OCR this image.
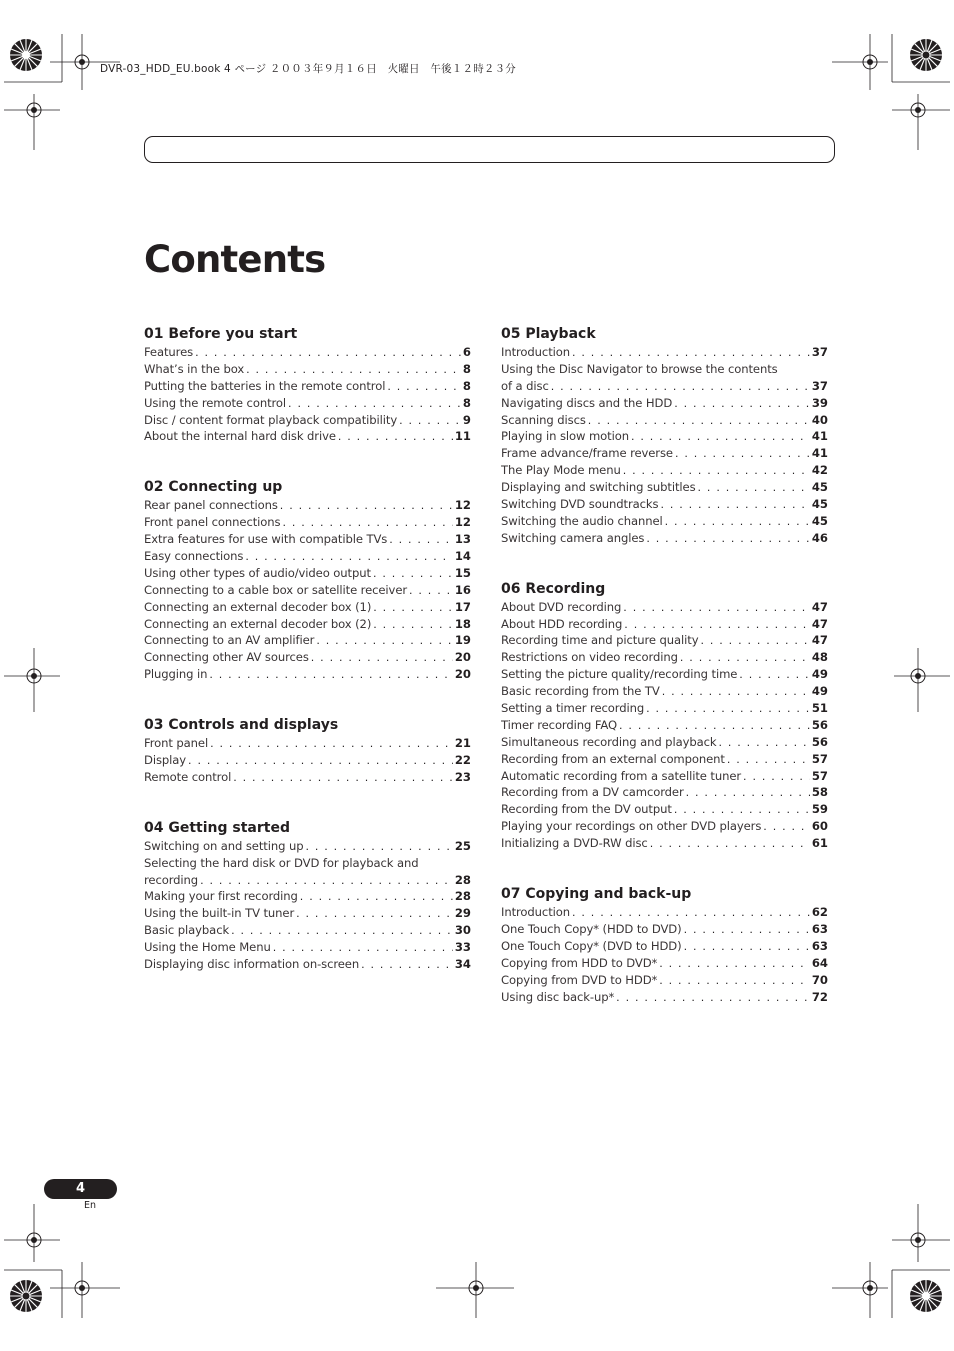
DVR-03_HDD_EU.book 4 ページ ２００３年９月１６日　火曜日　午後１２時２３分
Contents
01 Before you start
Features . . .	6
What’s in the box . . .	8
Putting the batteries in the remote control . . .	8
Using the remote control . . .	8
Disc / content format playback compatibility . . .	9
About the internal hard disk drive . . .	11
02 Connecting up
Rear panel connections . . .	12
Front panel connections . . .	12
Extra features for use with compatible TVs . . .	13
Easy connections . . .	14
Using other types of audio/video output . . .	15
Connecting to a cable box or satellite receiver . . .	16
Connecting an external decoder box (1) . . .	17
Connecting an external decoder box (2) . . .	18
Connecting to an AV amplifier . . .	19
Connecting other AV sources . . .	20
Plugging in . . .	20
03 Controls and displays
Front panel . . .	21
Display . . .	22
Remote control . . .	23
04 Getting started
Switching on and setting up . . .	25
Selecting the hard disk or DVD for playback and
recording . . .	28
Making your first recording . . .	28
Using the built-in TV tuner . . .	29
Basic playback . . .	30
Using the Home Menu . . .	33
Displaying disc information on-screen . . .	34
05 Playback
Introduction . . .	37
Using the Disc Navigator to browse the contents
of a disc . . .	37
Navigating discs and the HDD . . .	39
Scanning discs . . .	40
Playing in slow motion . . .	41
Frame advance/frame reverse . . .	41
The Play Mode menu . . .	42
Displaying and switching subtitles . . .	45
Switching DVD soundtracks . . .	45
Switching the audio channel . . .	45
Switching camera angles . . .	46
06 Recording
About DVD recording . . .	47
About HDD recording . . .	47
Recording time and picture quality . . .	47
Restrictions on video recording . . .	48
Setting the picture quality/recording time . . .	49
Basic recording from the TV . . .	49
Setting a timer recording . . .	51
Timer recording FAQ . . .	56
Simultaneous recording and playback . . .	56
Recording from an external component . . .	57
Automatic recording from a satellite tuner . . .	57
Recording from a DV camcorder . . .	58
Recording from the DV output . . .	59
Playing your recordings on other DVD players . . .	60
Initializing a DVD-RW disc . . .	61
07 Copying and back-up
Introduction . . .	62
One Touch Copy* (HDD to DVD) . . .	63
One Touch Copy* (DVD to HDD) . . .	63
Copying from HDD to DVD* . . .	64
Copying from DVD to HDD* . . .	70
Using disc back-up* . . .	72
4
En
